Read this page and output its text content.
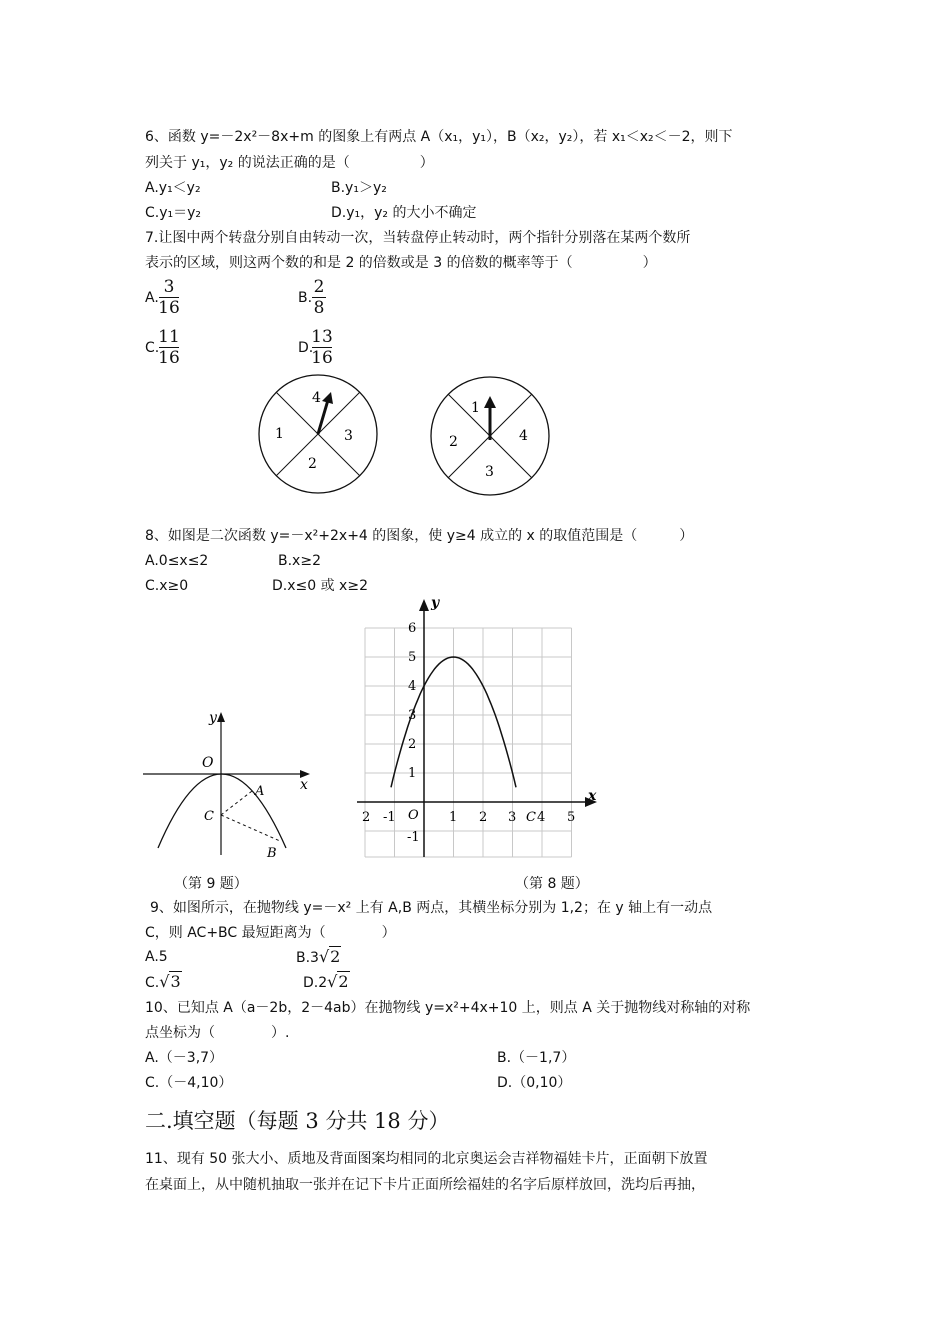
6、函数 y=－2x²－8x+m 的图象上有两点 A（x₁，y₁），B（x₂，y₂），若 x₁＜x₂＜－2，则下
列关于 y₁，y₂ 的说法正确的是（　　　　　）
A.y₁＜y₂	B.y₁＞y₂
C.y₁＝y₂	D.y₁，y₂ 的大小不确定
7.让图中两个转盘分别自由转动一次，当转盘停止转动时，两个指针分别落在某两个数所
表示的区域，则这两个数的和是 2 的倍数或是 3 的倍数的概率等于（　　　　　）
A.
3
16	B.
2
8
C.
11
16	D.
13
16
4
1	3
2
1
2	4
3
8、如图是二次函数 y=－x²+2x+4 的图象，使 y≥4 成立的 x 的取值范围是（　　　）
A.0≤x≤2	B.x≥2
C.x≥0	D.x≤0 或 x≥2
y
x
O
A
C
B
y
x
O	C
6
5
4
3
2
1
-1
2 -1	1 2 3 4 5
（第 9 题）	（第 8 题）
9、如图所示，在抛物线 y=－x² 上有 A,B 两点，其横坐标分别为 1,2；在 y 轴上有一动点
C，则 AC+BC 最短距离为（　　　　）
A.5	B.3√2
C.√3	D.2√2
10、已知点 A（a－2b，2－4ab）在抛物线 y=x²+4x+10 上，则点 A 关于抛物线对称轴的对称
点坐标为（　　　　）.
A.（－3,7）	B.（－1,7）
C.（－4,10）	D.（0,10）
二.填空题（每题 3 分共 18 分）
11、现有 50 张大小、质地及背面图案均相同的北京奥运会吉祥物福娃卡片，正面朝下放置
在桌面上，从中随机抽取一张并在记下卡片正面所绘福娃的名字后原样放回，洗均后再抽，
